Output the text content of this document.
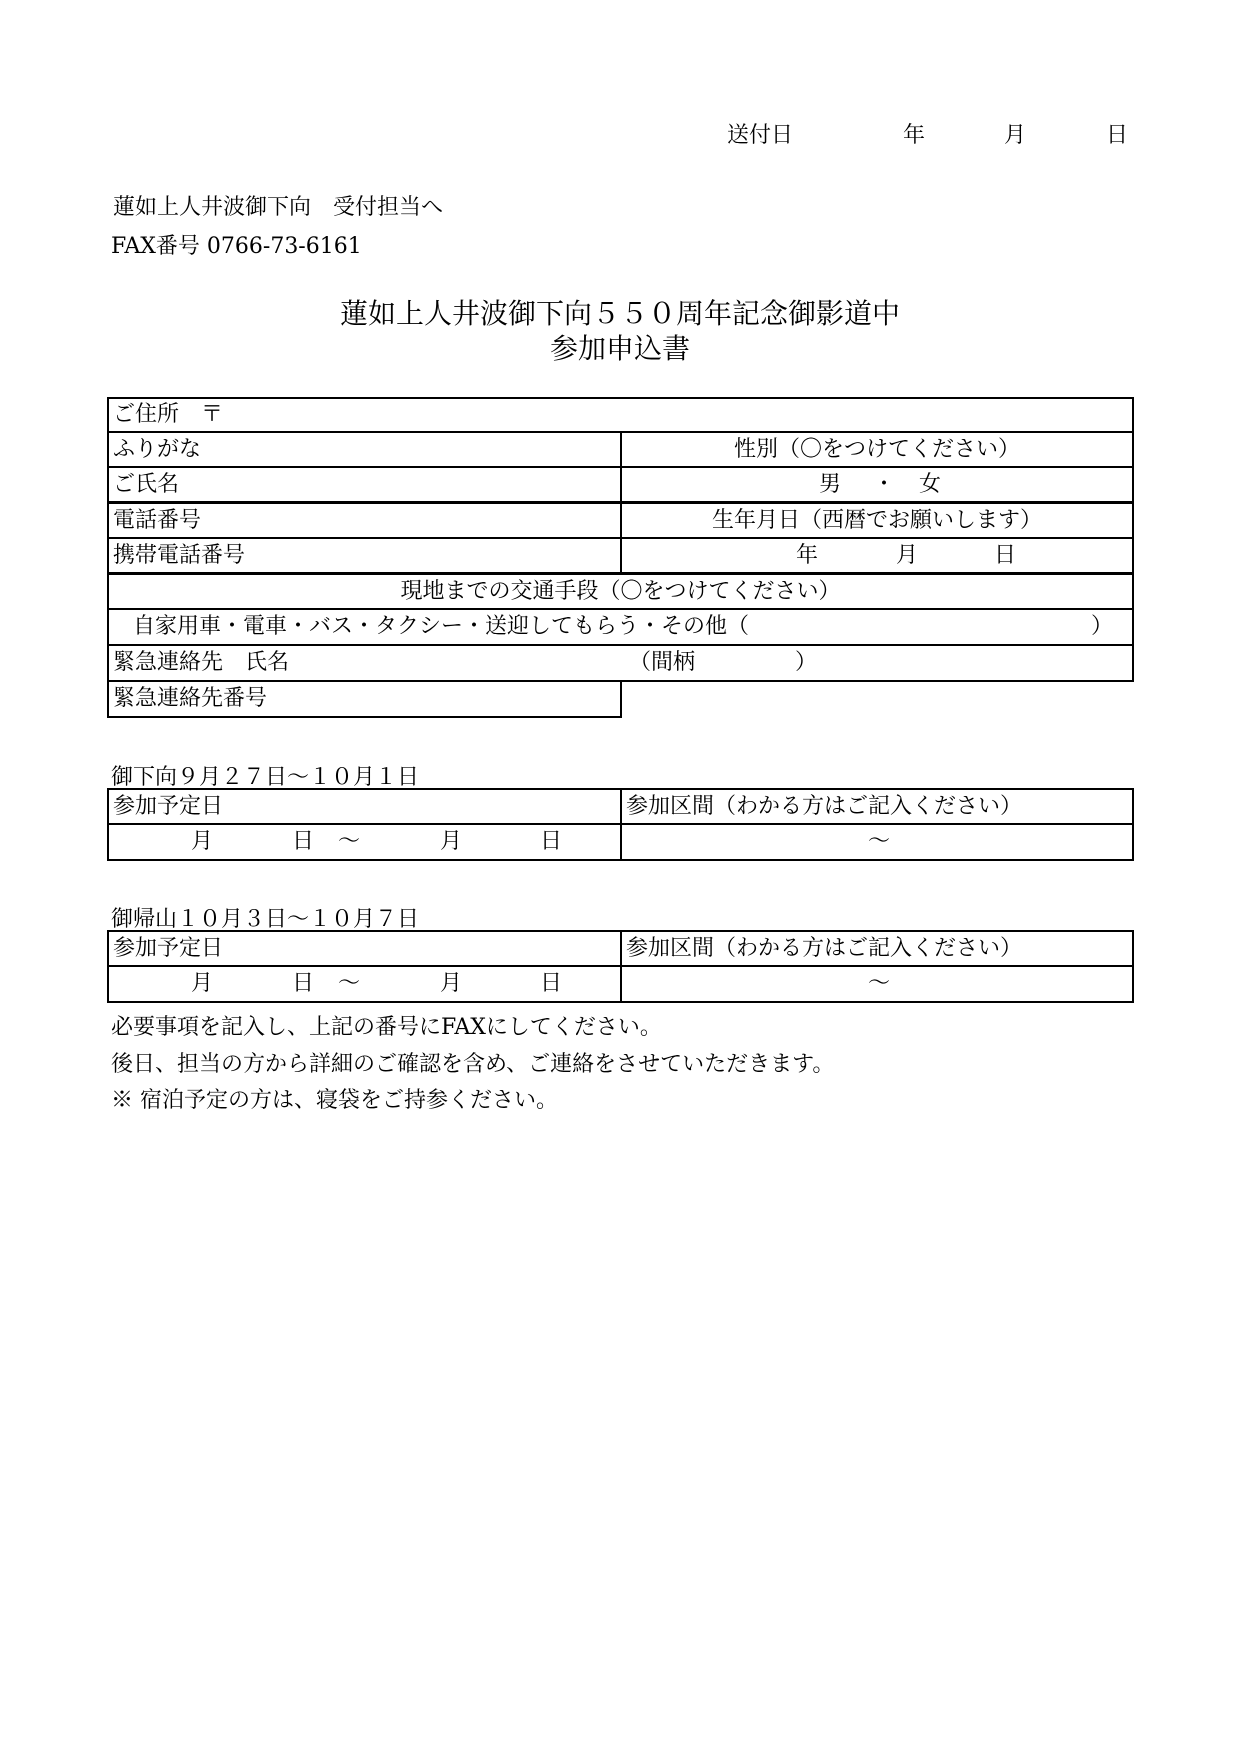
送付日	年	月	日
蓮如上人井波御下向　受付担当へ
FAX番号 0766-73-6161
蓮如上人井波御下向５５０周年記念御影道中
参加申込書
ご住所　〒
ふりがな	性別（〇をつけてください）
ご氏名	男 ・ 女
電話番号	生年月日（西暦でお願いします）
携帯電話番号	年	月	日
現地までの交通手段（〇をつけてください）
自家用車・電車・バス・タクシー・送迎してもらう・その他（	）
緊急連絡先　氏名	（間柄	）
緊急連絡先番号
御下向９月２７日～１０月１日
参加予定日	参加区間（わかる方はご記入ください）
月	日 ～	月	日	～
御帰山１０月３日～１０月７日
参加予定日	参加区間（わかる方はご記入ください）
月	日 ～	月	日	～
必要事項を記入し、上記の番号にFAXにしてください。
後日、担当の方から詳細のご確認を含め、ご連絡をさせていただきます。
※ 宿泊予定の方は、寝袋をご持参ください。
